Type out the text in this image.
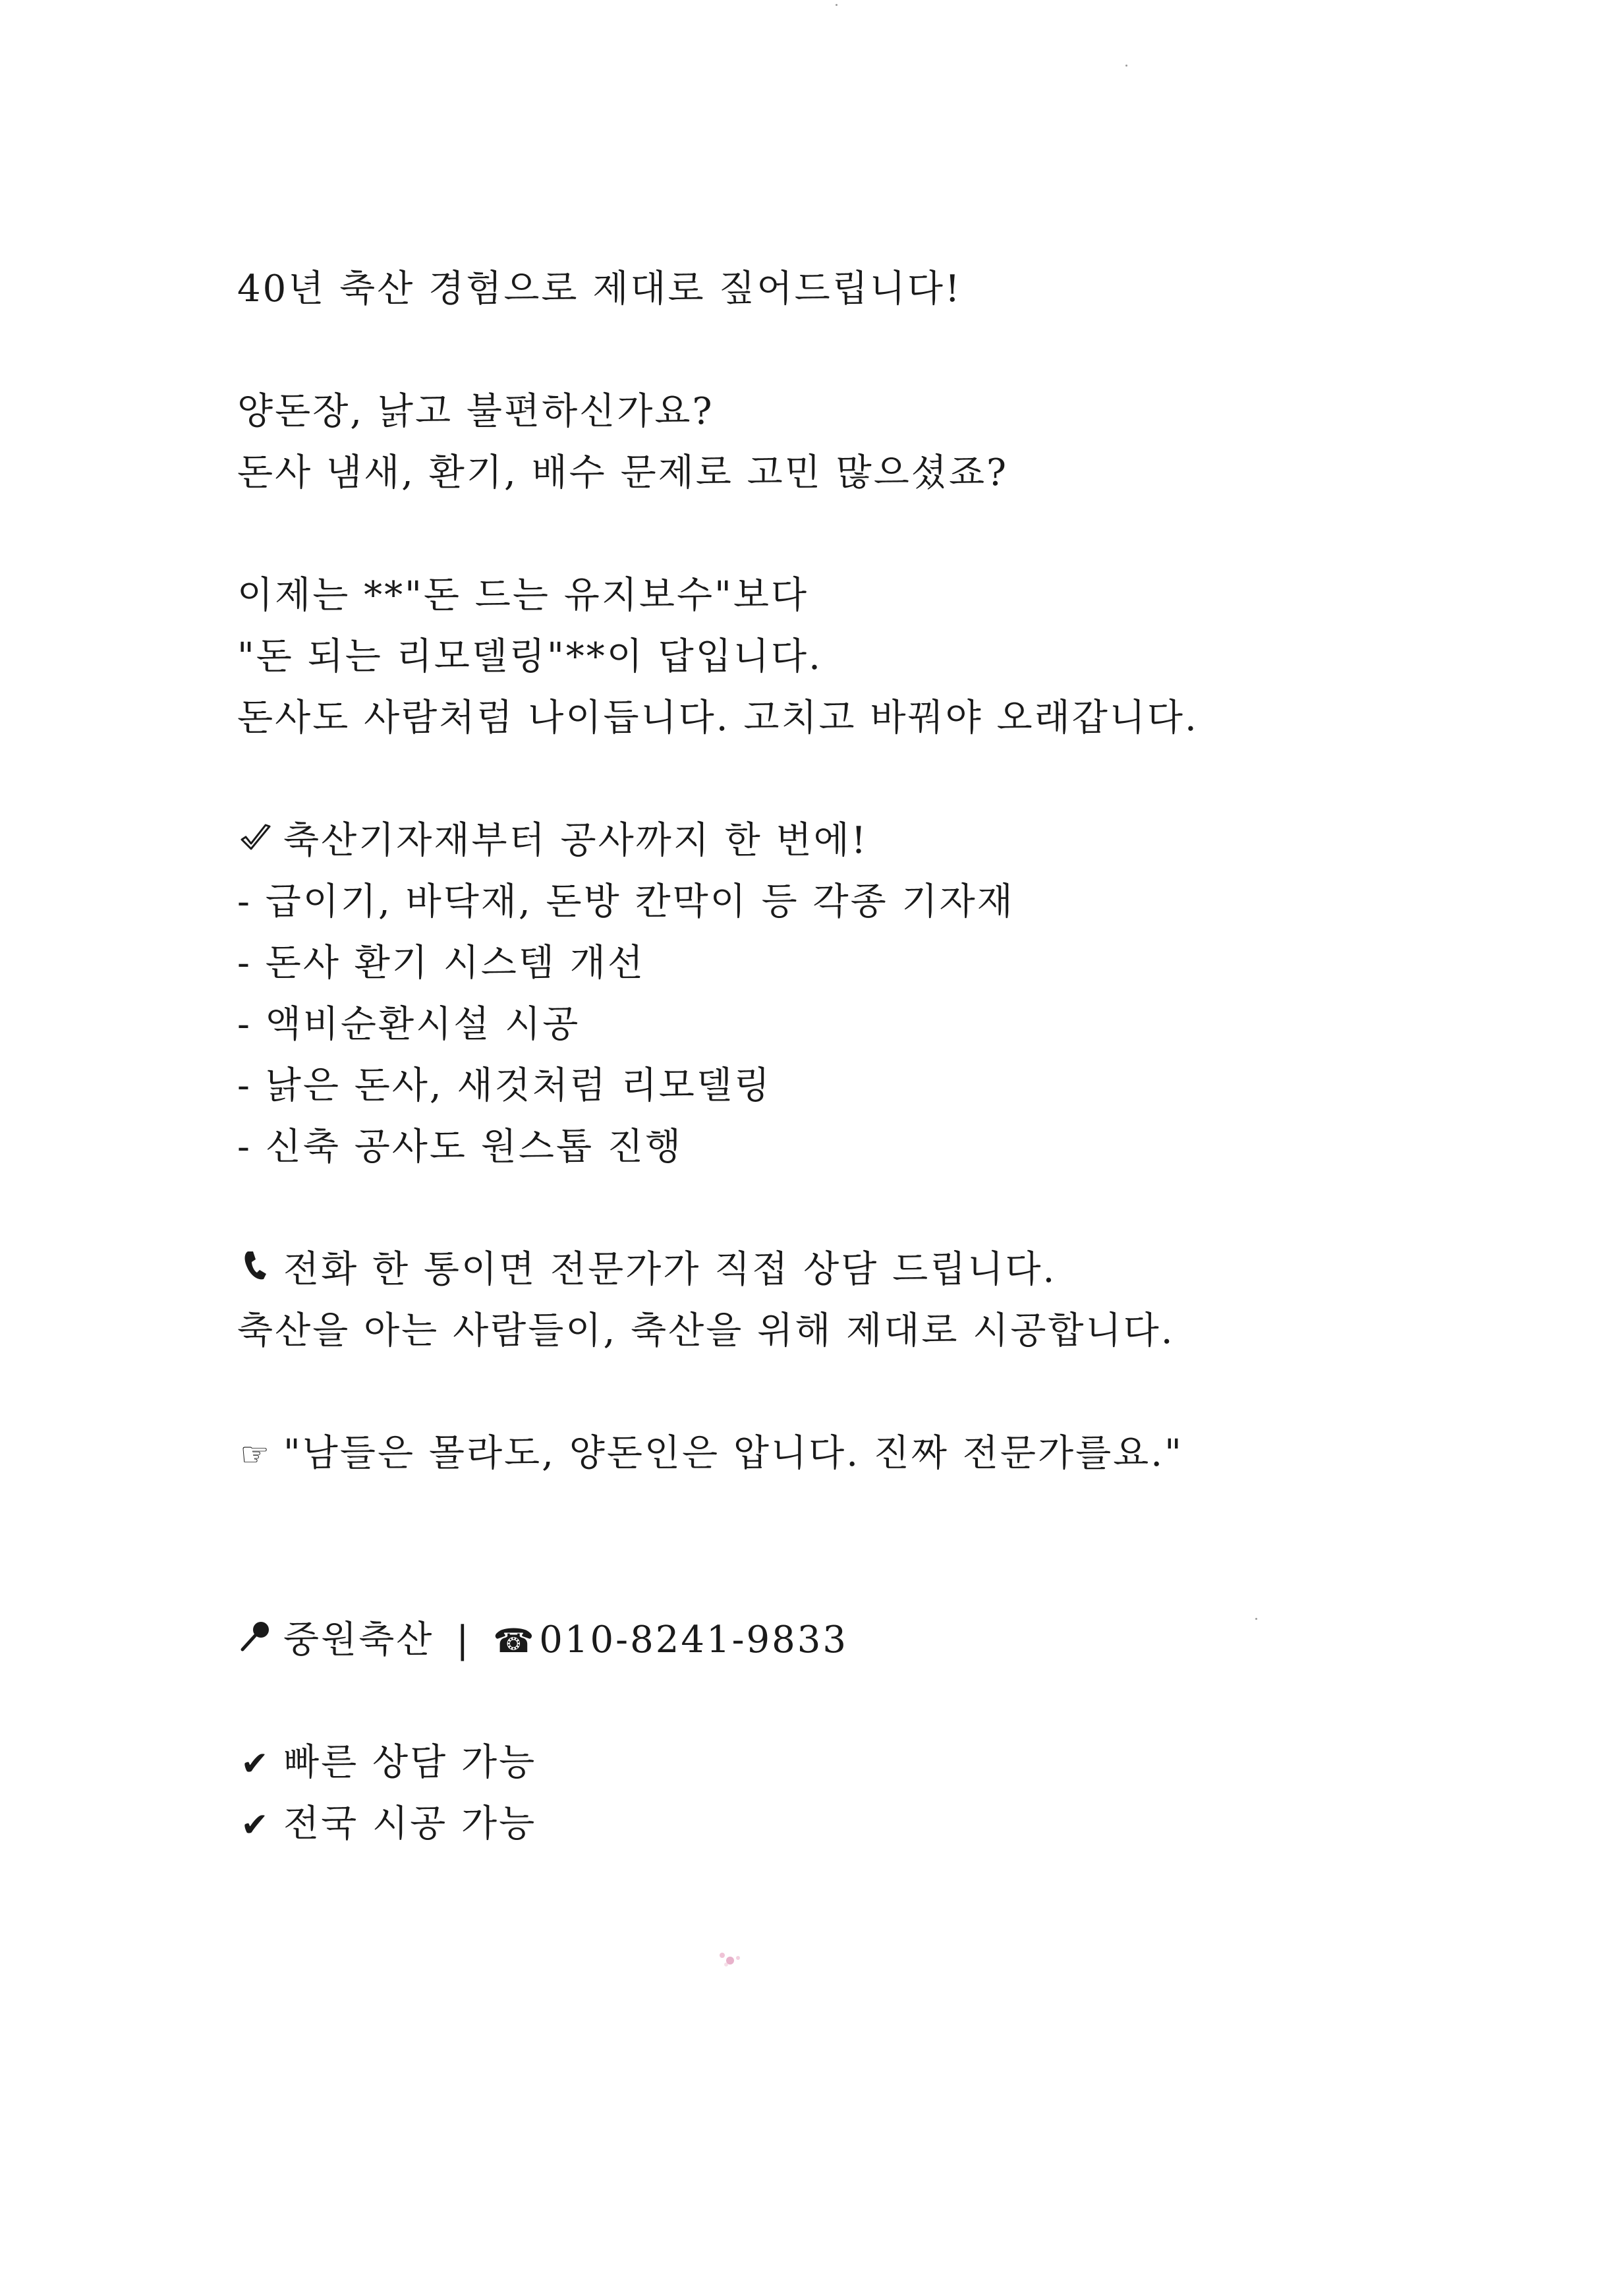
40년 축산 경험으로 제대로 짚어드립니다!
양돈장, 낡고 불편하신가요?
돈사 냄새, 환기, 배수 문제로 고민 많으셨죠?
이제는 **"돈 드는 유지보수"보다
"돈 되는 리모델링"**이 답입니다.
돈사도 사람처럼 나이듭니다. 고치고 바꿔야 오래갑니다.
축산기자재부터 공사까지 한 번에!
- 급이기, 바닥재, 돈방 칸막이 등 각종 기자재
- 돈사 환기 시스템 개선
- 액비순환시설 시공
- 낡은 돈사, 새것처럼 리모델링
- 신축 공사도 원스톱 진행
전화 한 통이면 전문가가 직접 상담 드립니다.
축산을 아는 사람들이, 축산을 위해 제대로 시공합니다.
☞ "남들은 몰라도, 양돈인은 압니다. 진짜 전문가를요."
중원축산 | ☎010-8241-9833
✔ 빠른 상담 가능
✔ 전국 시공 가능
